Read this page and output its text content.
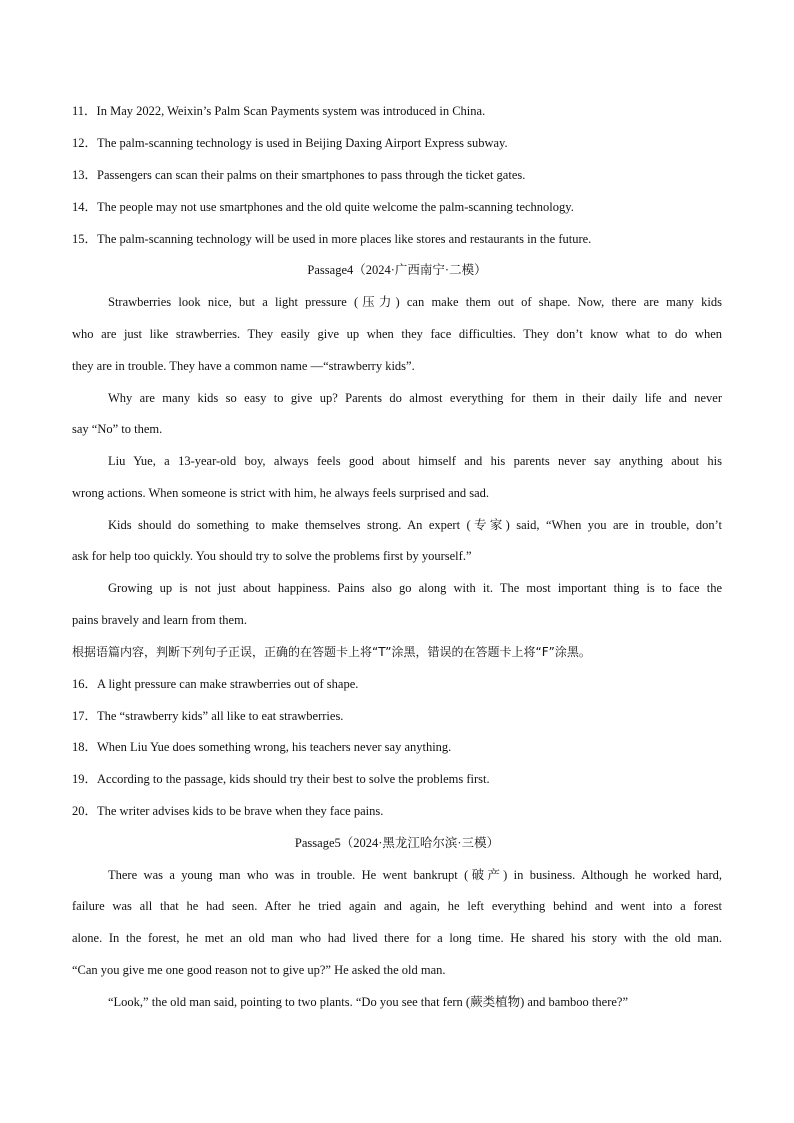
11．In May 2022, Weixin’s Palm Scan Payments system was introduced in China.
12．The palm-scanning technology is used in Beijing Daxing Airport Express subway.
13．Passengers can scan their palms on their smartphones to pass through the ticket gates.
14．The people may not use smartphones and the old quite welcome the palm-scanning technology.
15．The palm-scanning technology will be used in more places like stores and restaurants in the future.
Passage4（2024·广西南宁·二模）
Strawberries look nice, but a light pressure (压力) can make them out of shape. Now, there are many kids
who are just like strawberries. They easily give up when they face difficulties. They don’t know what to do when
they are in trouble. They have a common name —“strawberry kids”.
Why are many kids so easy to give up? Parents do almost everything for them in their daily life and never
say “No” to them.
Liu Yue, a 13-year-old boy, always feels good about himself and his parents never say anything about his
wrong actions. When someone is strict with him, he always feels surprised and sad.
Kids should do something to make themselves strong. An expert (专家) said, “When you are in trouble, don’t
ask for help too quickly. You should try to solve the problems first by yourself.”
Growing up is not just about happiness. Pains also go along with it. The most important thing is to face the
pains bravely and learn from them.
根据语篇内容，判断下列句子正误，正确的在答题卡上将“T”涂黑，错误的在答题卡上将“F”涂黑。
16．A light pressure can make strawberries out of shape.
17．The “strawberry kids” all like to eat strawberries.
18．When Liu Yue does something wrong, his teachers never say anything.
19．According to the passage, kids should try their best to solve the problems first.
20．The writer advises kids to be brave when they face pains.
Passage5（2024·黑龙江哈尔滨·三模）
There was a young man who was in trouble. He went bankrupt (破产) in business. Although he worked hard,
failure was all that he had seen. After he tried again and again, he left everything behind and went into a forest
alone. In the forest, he met an old man who had lived there for a long time. He shared his story with the old man.
“Can you give me one good reason not to give up?” He asked the old man.
“Look,” the old man said, pointing to two plants. “Do you see that fern (蕨类植物) and bamboo there?”
